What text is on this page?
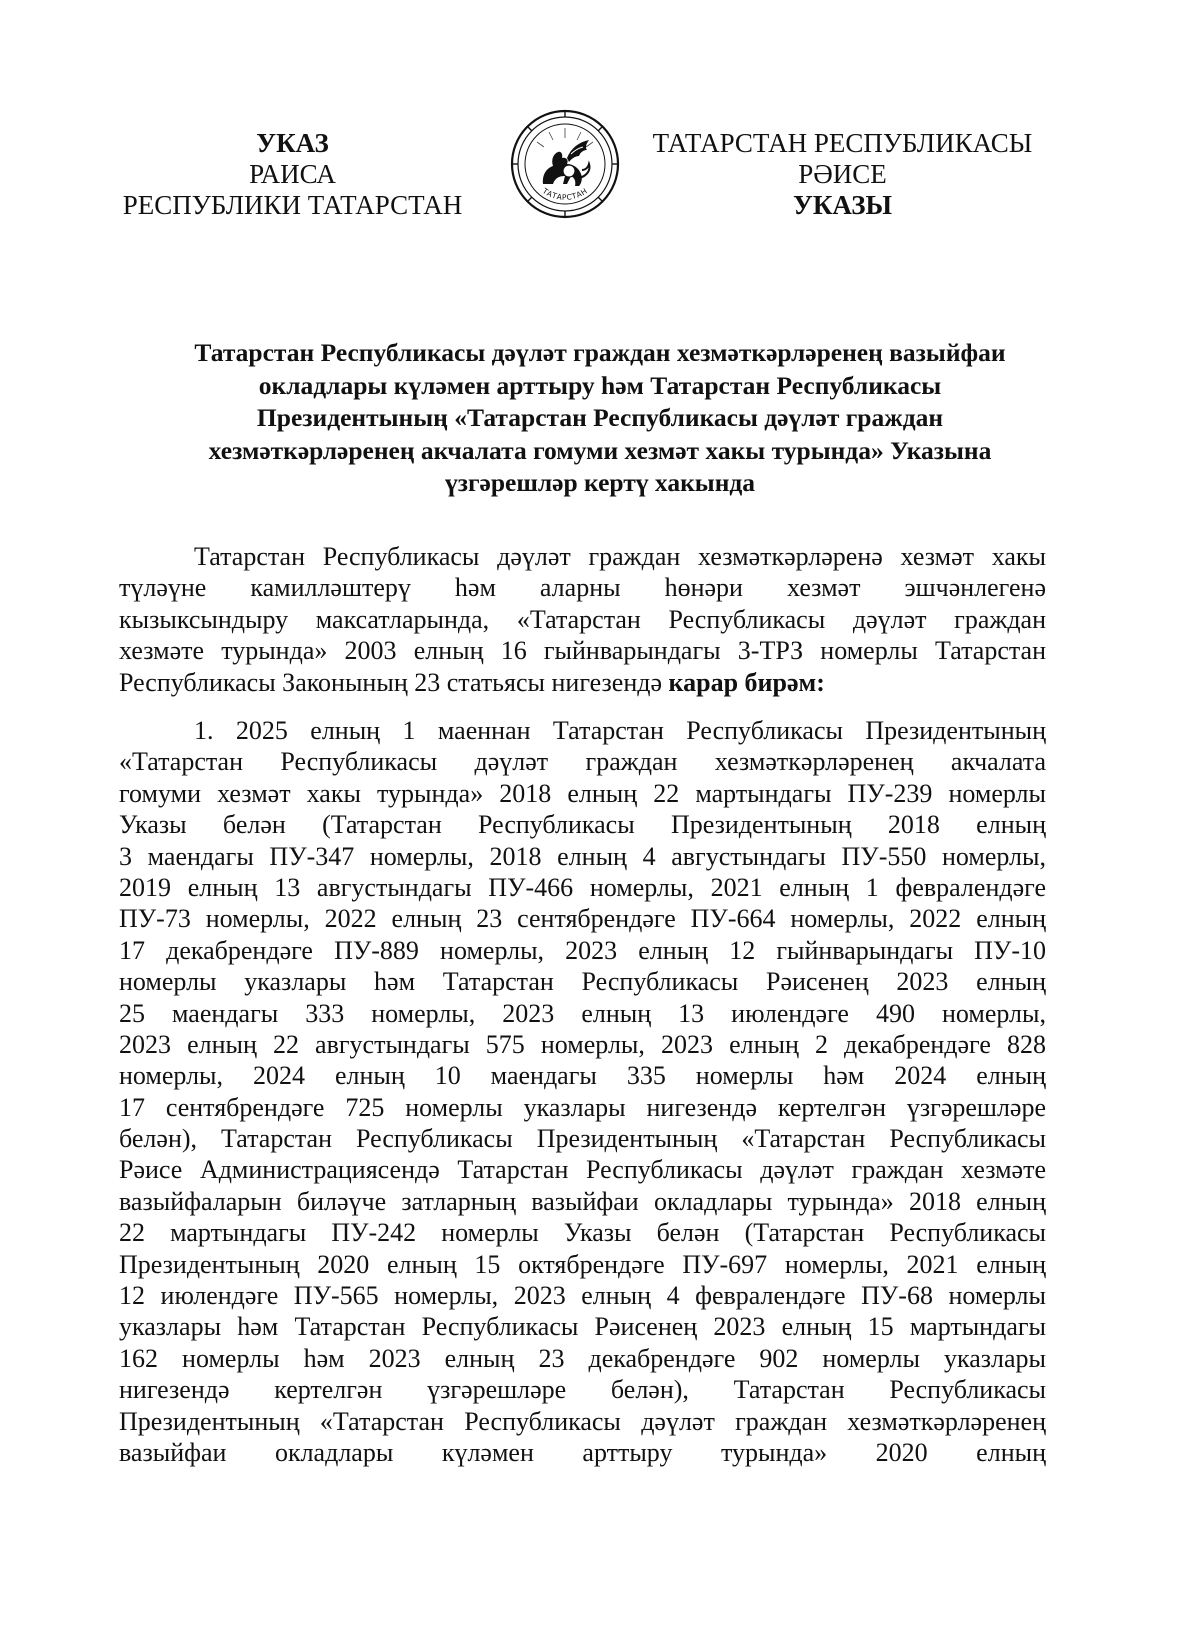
УКАЗ
РАИСА
РЕСПУБЛИКИ ТАТАРСТАН	ТАТАРСТАН
ТАТАРСТАН РЕСПУБЛИКАСЫ
РӘИСЕ
УКАЗЫ
Татарстан Республикасы дәүләт граждан хезмәткәрләренең вазыйфаи
окладлары күләмен арттыру һәм Татарстан Республикасы
Президентының «Татарстан Республикасы дәүләт граждан
хезмәткәрләренең акчалата гомуми хезмәт хакы турында» Указына
үзгәрешләр кертү хакында
Татарстан Республикасы дәүләт граждан хезмәткәрләренә хезмәт хакы
түләүне камилләштерү һәм аларны һөнәри хезмәт эшчәнлегенә
кызыксындыру максатларында, «Татарстан Республикасы дәүләт граждан
хезмәте турында» 2003 елның 16 гыйнварындагы 3-ТРЗ номерлы Татарстан
Республикасы Законының 23 статьясы нигезендә карар бирәм:
1. 2025 елның 1 маеннан Татарстан Республикасы Президентының
«Татарстан Республикасы дәүләт граждан хезмәткәрләренең акчалата
гомуми хезмәт хакы турында» 2018 елның 22 мартындагы ПУ-239 номерлы
Указы белән (Татарстан Республикасы Президентының 2018 елның
3 маендагы ПУ-347 номерлы, 2018 елның 4 августындагы ПУ-550 номерлы,
2019 елның 13 августындагы ПУ-466 номерлы, 2021 елның 1 февралендәге
ПУ-73 номерлы, 2022 елның 23 сентябрендәге ПУ-664 номерлы, 2022 елның
17 декабрендәге ПУ-889 номерлы, 2023 елның 12 гыйнварындагы ПУ-10
номерлы указлары һәм Татарстан Республикасы Рәисенең 2023 елның
25 маендагы 333 номерлы, 2023 елның 13 июлендәге 490 номерлы,
2023 елның 22 августындагы 575 номерлы, 2023 елның 2 декабрендәге 828
номерлы, 2024 елның 10 маендагы 335 номерлы һәм 2024 елның
17 сентябрендәге 725 номерлы указлары нигезендә кертелгән үзгәрешләре
белән), Татарстан Республикасы Президентының «Татарстан Республикасы
Рәисе Администрациясендә Татарстан Республикасы дәүләт граждан хезмәте
вазыйфаларын биләүче затларның вазыйфаи окладлары турында» 2018 елның
22 мартындагы ПУ-242 номерлы Указы белән (Татарстан Республикасы
Президентының 2020 елның 15 октябрендәге ПУ-697 номерлы, 2021 елның
12 июлендәге ПУ-565 номерлы, 2023 елның 4 февралендәге ПУ-68 номерлы
указлары һәм Татарстан Республикасы Рәисенең 2023 елның 15 мартындагы
162 номерлы һәм 2023 елның 23 декабрендәге 902 номерлы указлары
нигезендә кертелгән үзгәрешләре белән), Татарстан Республикасы
Президентының «Татарстан Республикасы дәүләт граждан хезмәткәрләренең
вазыйфаи окладлары күләмен арттыру турында» 2020 елның
